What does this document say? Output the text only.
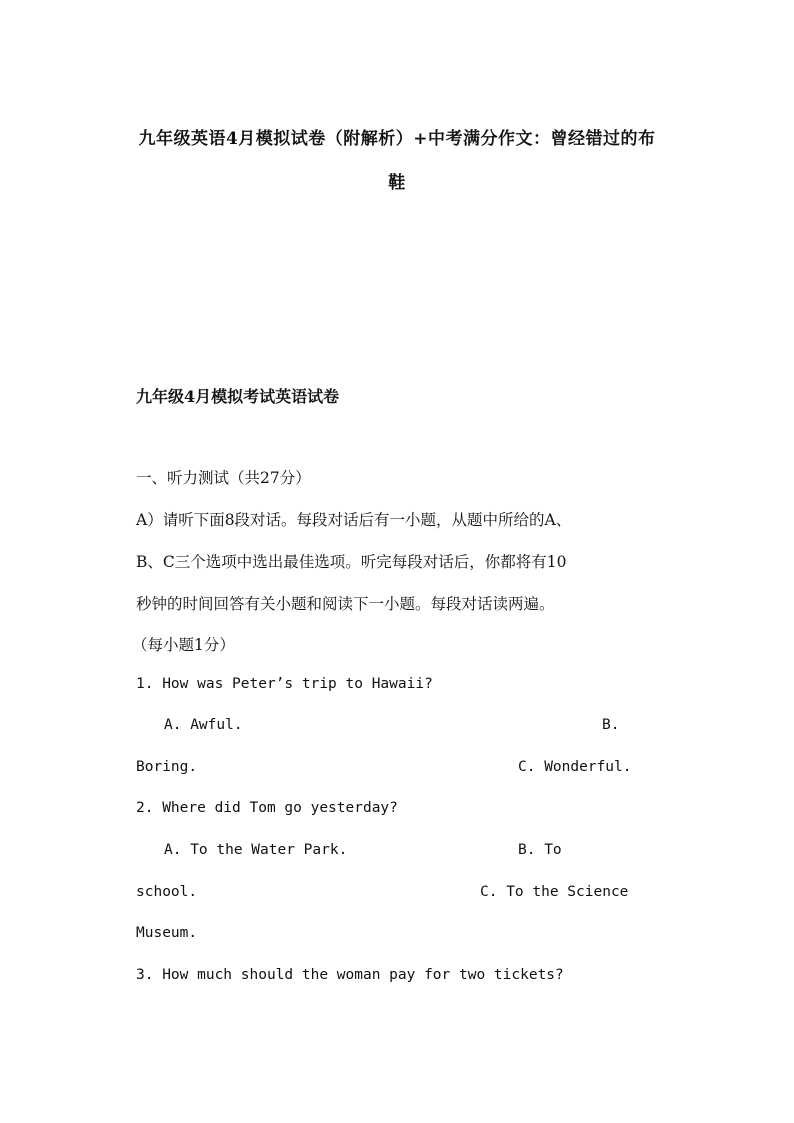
九年级英语4月模拟试卷（附解析）+中考满分作文：曾经错过的布
鞋
九年级4月模拟考试英语试卷

一、听力测试（共27分）

A）请听下面8段对话。每段对话后有一小题，从题中所给的A、

B、C三个选项中选出最佳选项。听完每段对话后，你都将有10

秒钟的时间回答有关小题和阅读下一小题。每段对话读两遍。

（每小题1分）

1. How was Peter’s trip to Hawaii?

A. Awful.	B.

Boring.	C. Wonderful.

2. Where did Tom go yesterday?

A. To the Water Park.	B. To

school.	C. To the Science

Museum.

3. How much should the woman pay for two tickets?
